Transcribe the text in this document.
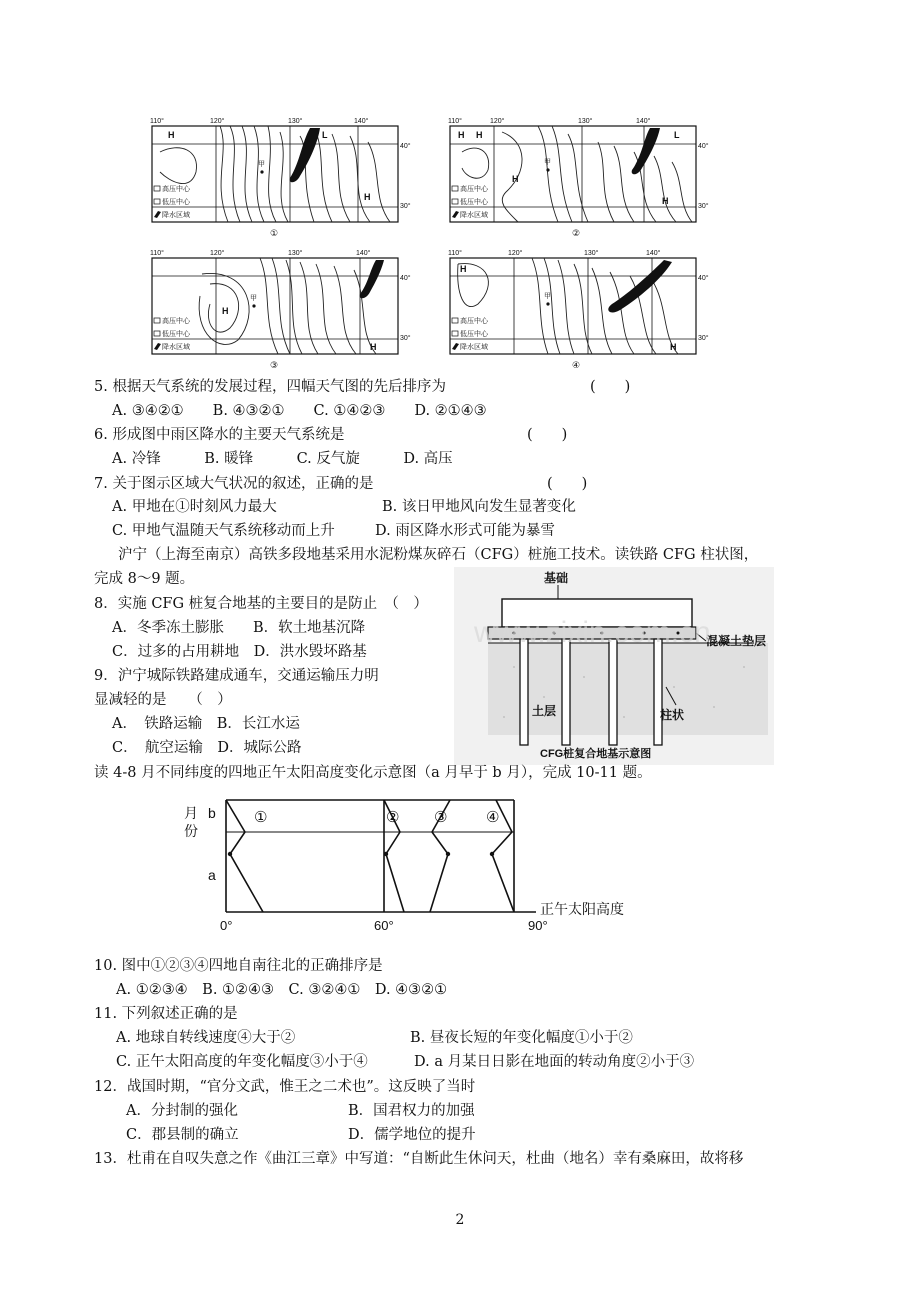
110°	120°	130°	140°
H	L
H
甲
40°
30°
高压中心
低压中心
降水区域
①
110°	120°	130°	140°
H H	L
H
H
甲
40°
30°
高压中心
低压中心
降水区域
②
110°	120°	130°	140°
H
H
甲
40°
30°
高压中心
低压中心
降水区域
③
110°	120°	130°	140°
H
H
甲
40°
30°
高压中心
低压中心
降水区域
④
5. 根据天气系统的发展过程，四幅天气图的先后排序为	(　　)
A. ③④②①　　B. ④③②①　　C. ①④②③　　D. ②①④③
6. 形成图中雨区降水的主要天气系统是	(　　)
A. 冷锋　　　B. 暖锋　　　C. 反气旋　　　D. 高压
7. 关于图示区域大气状况的叙述，正确的是	(　　)
A. 甲地在①时刻风力最大	B. 该日甲地风向发生显著变化
C. 甲地气温随天气系统移动而上升	D. 雨区降水形式可能为暴雪
沪宁（上海至南京）高铁多段地基采用水泥粉煤灰碎石（CFG）桩施工技术。读铁路 CFG 柱状图，
完成 8～9 题。	基础
混凝土垫层
土层	柱状
CFG桩复合地基示意图
www.zixin.com.cn
8．实施 CFG 桩复合地基的主要目的是防止　（　）
A．冬季冻土膨胀　　B．软土地基沉降
C．过多的占用耕地　D．洪水毁坏路基
9．沪宁城际铁路建成通车，交通运输压力明
显减轻的是　　（　）
A．　铁路运输　B．长江水运
C．　航空运输　D．城际公路
读 4-8 月不同纬度的四地正午太阳高度变化示意图（a 月早于 b 月），完成 10-11 题。
月
份
b
a
①	② ③	④
0°	60°	90°
正午太阳高度
10. 图中①②③④四地自南往北的正确排序是
A. ①②③④　B. ①②④③　C. ③②④①　D. ④③②①
11. 下列叙述正确的是
A. 地球自转线速度④大于②	B. 昼夜长短的年变化幅度①小于②
C. 正午太阳高度的年变化幅度③小于④	D. a 月某日日影在地面的转动角度②小于③
12．战国时期，“官分文武，惟王之二术也”。这反映了当时
A．分封制的强化	B．国君权力的加强
C．郡县制的确立	D．儒学地位的提升
13．杜甫在自叹失意之作《曲江三章》中写道：“自断此生休问天，杜曲（地名）幸有桑麻田，故将移
2
